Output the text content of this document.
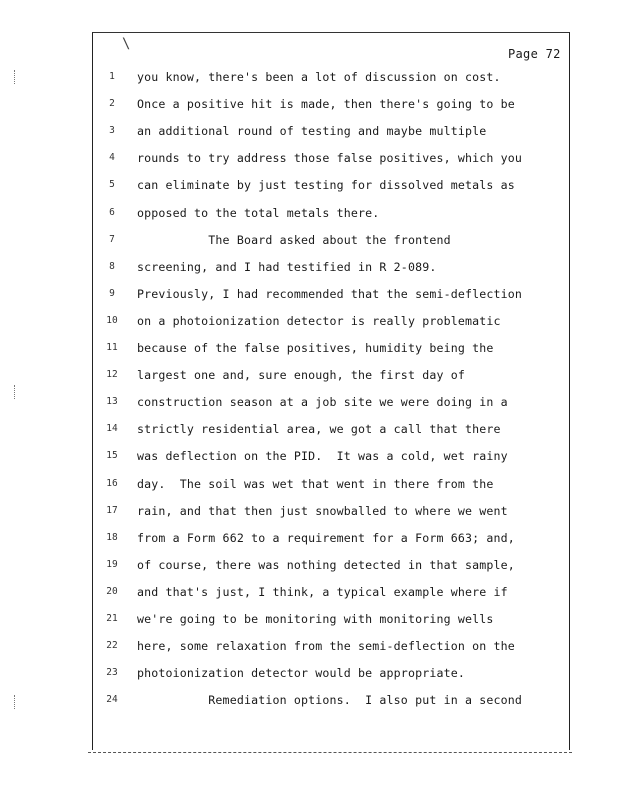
\
Page 72
1	you know, there's been a lot of discussion on cost.
2	Once a positive hit is made, then there's going to be
3	an additional round of testing and maybe multiple
4	rounds to try address those false positives, which you
5	can eliminate by just testing for dissolved metals as
6	opposed to the total metals there.
7	The Board asked about the frontend
8	screening, and I had testified in R 2-089.
9	Previously, I had recommended that the semi-deflection
10	on a photoionization detector is really problematic
11	because of the false positives, humidity being the
12	largest one and, sure enough, the first day of
13	construction season at a job site we were doing in a
14	strictly residential area, we got a call that there
15	was deflection on the PID.  It was a cold, wet rainy
16	day.  The soil was wet that went in there from the
17	rain, and that then just snowballed to where we went
18	from a Form 662 to a requirement for a Form 663; and,
19	of course, there was nothing detected in that sample,
20	and that's just, I think, a typical example where if
21	we're going to be monitoring with monitoring wells
22	here, some relaxation from the semi-deflection on the
23	photoionization detector would be appropriate.
24	Remediation options.  I also put in a second
